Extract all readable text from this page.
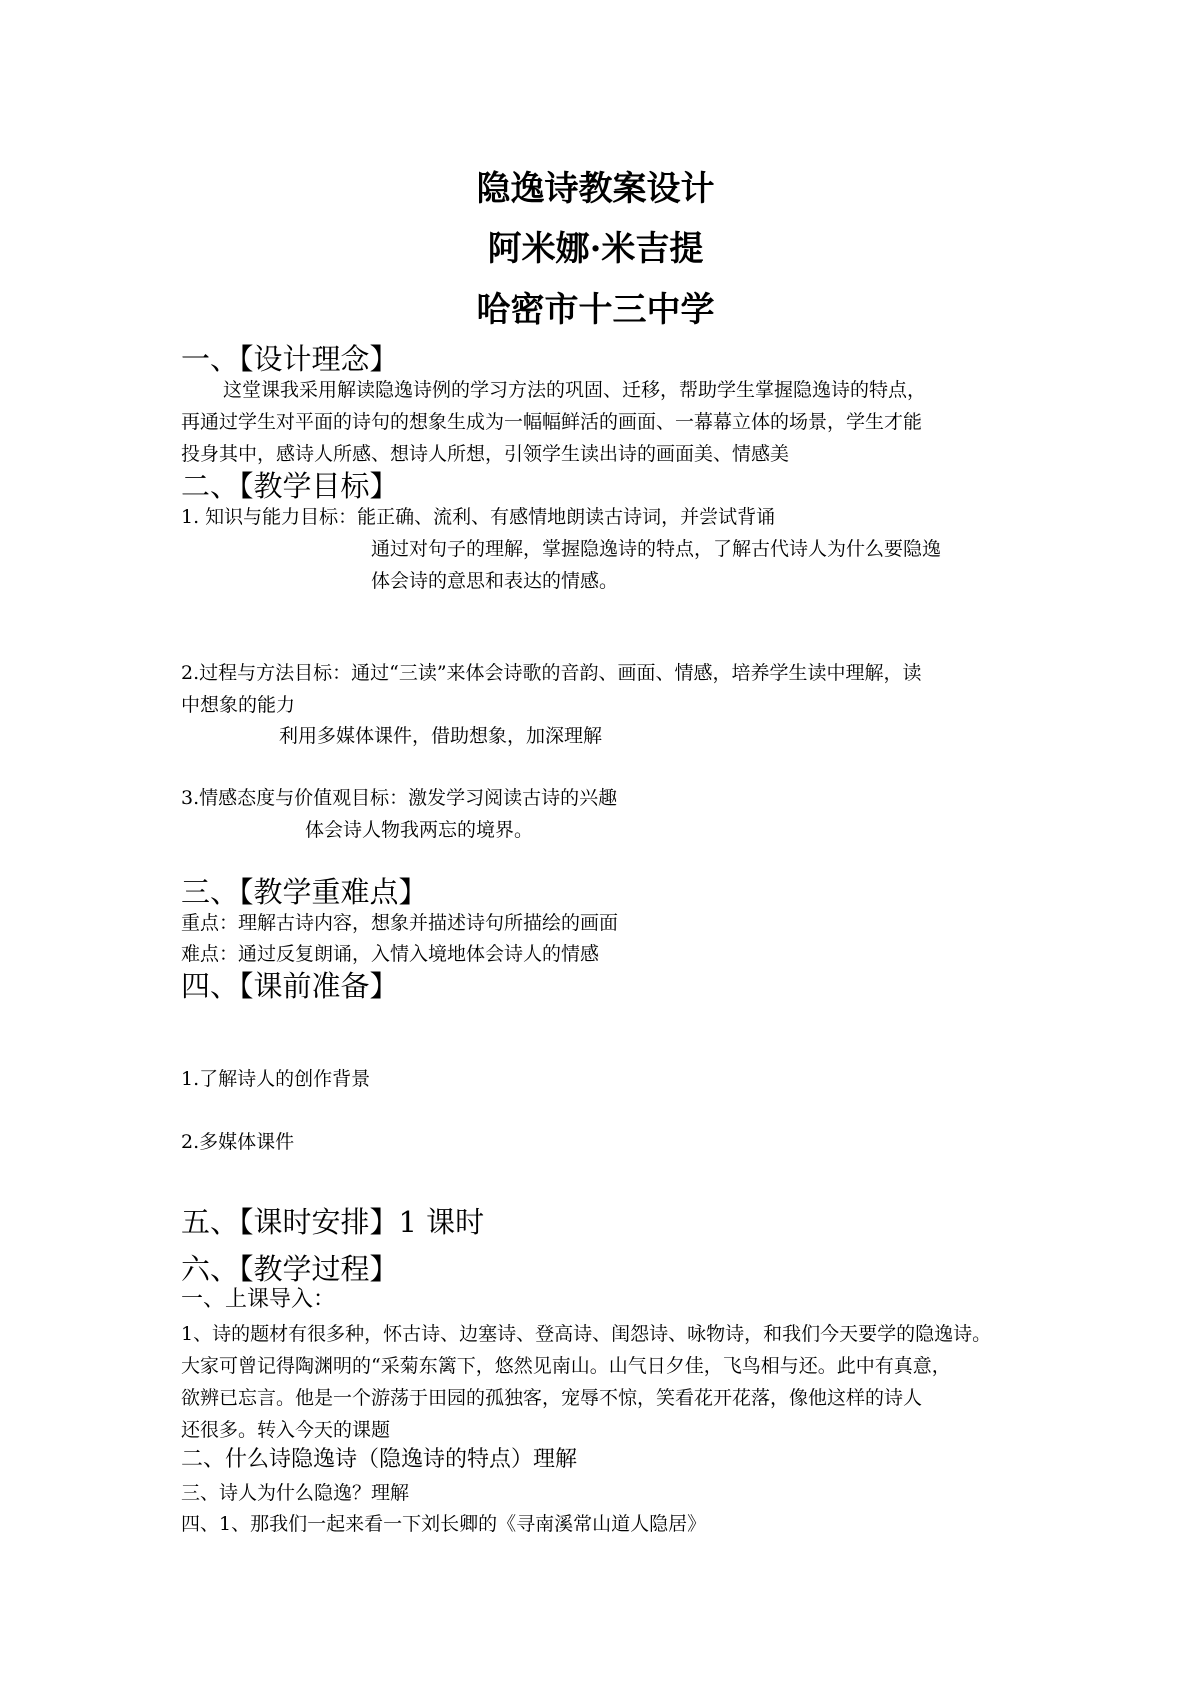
隐逸诗教案设计
阿米娜·米吉提
哈密市十三中学
一、【设计理念】
这堂课我采用解读隐逸诗例的学习方法的巩固、迁移，帮助学生掌握隐逸诗的特点，
再通过学生对平面的诗句的想象生成为一幅幅鲜活的画面、一幕幕立体的场景，学生才能
投身其中，感诗人所感、想诗人所想，引领学生读出诗的画面美、情感美
二、【教学目标】
1. 知识与能力目标：能正确、流利、有感情地朗读古诗词，并尝试背诵
通过对句子的理解，掌握隐逸诗的特点，了解古代诗人为什么要隐逸
体会诗的意思和表达的情感。
2.过程与方法目标：通过“三读”来体会诗歌的音韵、画面、情感，培养学生读中理解，读
中想象的能力
利用多媒体课件，借助想象，加深理解
3.情感态度与价值观目标：激发学习阅读古诗的兴趣
体会诗人物我两忘的境界。
三、【教学重难点】
重点：理解古诗内容，想象并描述诗句所描绘的画面
难点：通过反复朗诵，入情入境地体会诗人的情感
四、【课前准备】
1.了解诗人的创作背景
2.多媒体课件
五、【课时安排】1 课时
六、【教学过程】
一、上课导入：
1、诗的题材有很多种，怀古诗、边塞诗、登高诗、闺怨诗、咏物诗，和我们今天要学的隐逸诗。
大家可曾记得陶渊明的“采菊东篱下，悠然见南山。山气日夕佳，飞鸟相与还。此中有真意，
欲辨已忘言。他是一个游荡于田园的孤独客，宠辱不惊，笑看花开花落，像他这样的诗人
还很多。转入今天的课题
二、什么诗隐逸诗（隐逸诗的特点）理解
三、诗人为什么隐逸？理解
四、1、那我们一起来看一下刘长卿的《寻南溪常山道人隐居》
